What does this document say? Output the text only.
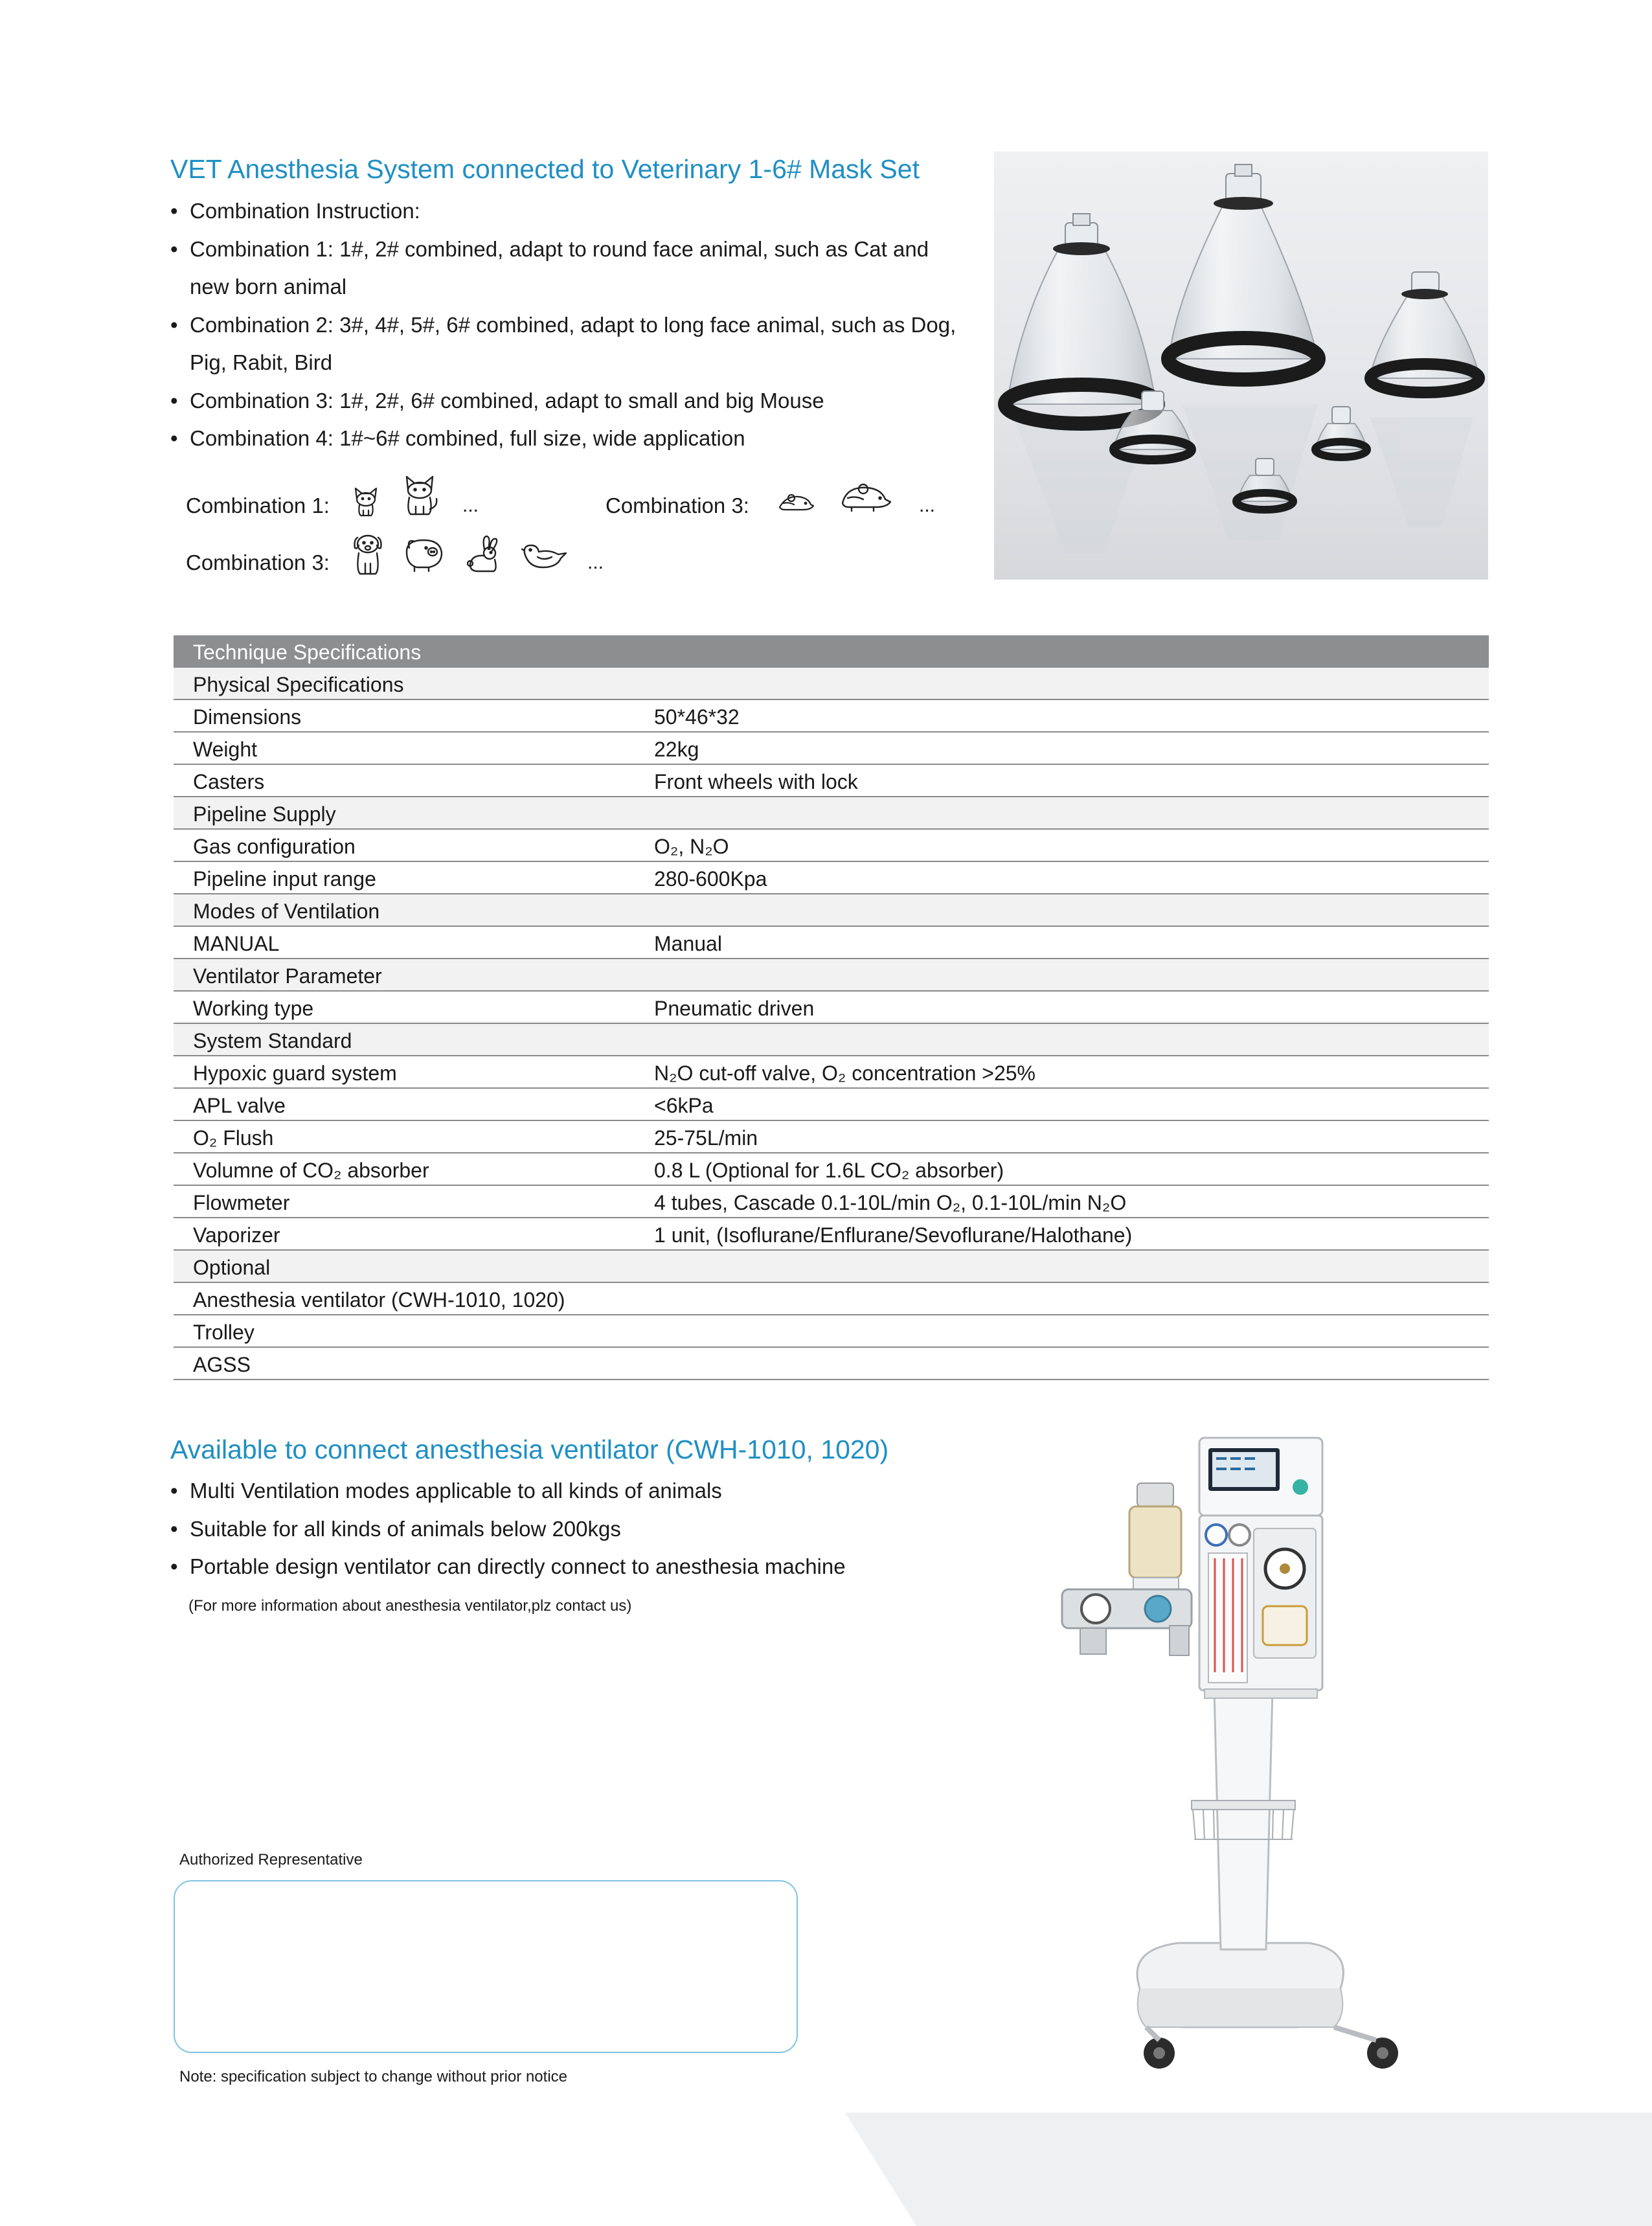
VET Anesthesia System connected to Veterinary 1-6# Mask Set
• Combination Instruction:
• Combination 1: 1#, 2# combined, adapt to round face animal, such as Cat and
new born animal
• Combination 2: 3#, 4#, 5#, 6# combined, adapt to long face animal, such as Dog,
Pig, Rabit, Bird
• Combination 3: 1#, 2#, 6# combined, adapt to small and big Mouse
• Combination 4: 1#~6# combined, full size, wide application
Combination 1:	...	Combination 3:	...
Combination 3:	...
Technique Specifications
Physical Specifications
Dimensions	50*46*32
Weight	22kg
Casters	Front wheels with lock
Pipeline Supply
Gas configuration	O₂, N₂O
Pipeline input range	280-600Kpa
Modes of Ventilation
MANUAL	Manual
Ventilator Parameter
Working type	Pneumatic driven
System Standard
Hypoxic guard system	N₂O cut-off valve, O₂ concentration >25%
APL valve	<6kPa
O₂ Flush	25-75L/min
Volumne of CO₂ absorber	0.8 L (Optional for 1.6L CO₂ absorber)
Flowmeter	4 tubes, Cascade 0.1-10L/min O₂, 0.1-10L/min N₂O
Vaporizer	1 unit, (Isoflurane/Enflurane/Sevoflurane/Halothane)
Optional
Anesthesia ventilator (CWH-1010, 1020)
Trolley
AGSS
Available to connect anesthesia ventilator (CWH-1010, 1020)
• Multi Ventilation modes applicable to all kinds of animals
• Suitable for all kinds of animals below 200kgs
• Portable design ventilator can directly connect to anesthesia machine
(For more information about anesthesia ventilator,plz contact us)
Authorized Representative
Note: specification subject to change without prior notice
